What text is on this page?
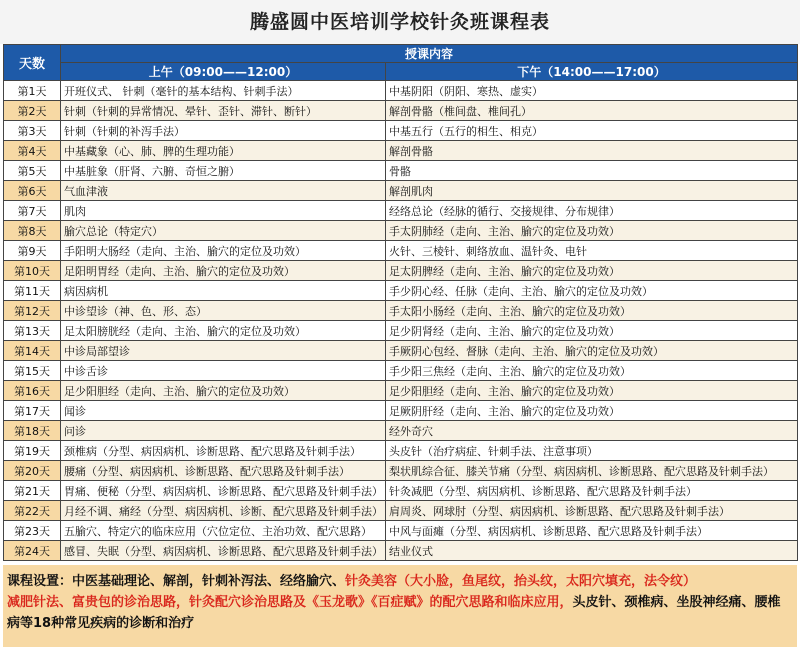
腾盛圆中医培训学校针灸班课程表
天数	授课内容	
	上午（09:00——12:00）	下午（14:00——17:00）
第1天	开班仪式、 针刺（毫针的基本结构、针刺手法）	中基阴阳（阴阳、寒热、虚实）
第2天	针刺（针刺的异常情况、晕针、歪针、滞针、断针）	解剖骨骼（椎间盘、椎间孔）
第3天	针刺（针刺的补泻手法）	中基五行（五行的相生、相克）
第4天	中基藏象（心、肺、脾的生理功能）	解剖骨骼
第5天	中基脏象（肝肾、六腑、奇恒之腑）	骨骼
第6天	气血津液	解剖肌肉
第7天	肌肉	经络总论（经脉的循行、交接规律、分布规律）
第8天	腧穴总论（特定穴）	手太阴肺经（走向、主治、腧穴的定位及功效）
第9天	手阳明大肠经（走向、主治、腧穴的定位及功效）	火针、三棱针、刺络放血、温针灸、电针
第10天	足阳明胃经（走向、主治、腧穴的定位及功效）	足太阴脾经（走向、主治、腧穴的定位及功效）
第11天	病因病机	手少阴心经、任脉（走向、主治、腧穴的定位及功效）
第12天	中诊望诊（神、色、形、态）	手太阳小肠经（走向、主治、腧穴的定位及功效）
第13天	足太阳膀胱经（走向、主治、腧穴的定位及功效）	足少阴肾经（走向、主治、腧穴的定位及功效）
第14天	中诊局部望诊	手厥阴心包经、督脉（走向、主治、腧穴的定位及功效）
第15天	中诊舌诊	手少阳三焦经（走向、主治、腧穴的定位及功效）
第16天	足少阳胆经（走向、主治、腧穴的定位及功效）	足少阳胆经（走向、主治、腧穴的定位及功效）
第17天	闻诊	足厥阴肝经（走向、主治、腧穴的定位及功效）
第18天	问诊	经外奇穴
第19天	颈椎病（分型、病因病机、诊断思路、配穴思路及针刺手法）	头皮针（治疗病症、针刺手法、注意事项）
第20天	腰痛（分型、病因病机、诊断思路、配穴思路及针刺手法）	梨状肌综合征、膝关节痛（分型、病因病机、诊断思路、配穴思路及针刺手法）
第21天	胃痛、便秘（分型、病因病机、诊断思路、配穴思路及针刺手法）	针灸减肥（分型、病因病机、诊断思路、配穴思路及针刺手法）
第22天	月经不调、痛经（分型、病因病机、诊断、配穴思路及针刺手法）	肩周炎、网球肘（分型、病因病机、诊断思路、配穴思路及针刺手法）
第23天	五腧穴、特定穴的临床应用（穴位定位、主治功效、配穴思路）	中风与面瘫（分型、病因病机、诊断思路、配穴思路及针刺手法）
第24天	感冒、失眠（分型、病因病机、诊断思路、配穴思路及针刺手法）	结业仪式
课程设置：中医基础理论、解剖，针刺补泻法、经络腧穴、针灸美容（大小脸，鱼尾纹，抬头纹，太阳穴填充，法令纹）
减肥针法、富贵包的诊治思路，针灸配穴诊治思路及《玉龙歌》《百症赋》的配穴思路和临床应用，头皮针、颈椎病、坐股神经痛、腰椎病等18种常见疾病的诊断和治疗
